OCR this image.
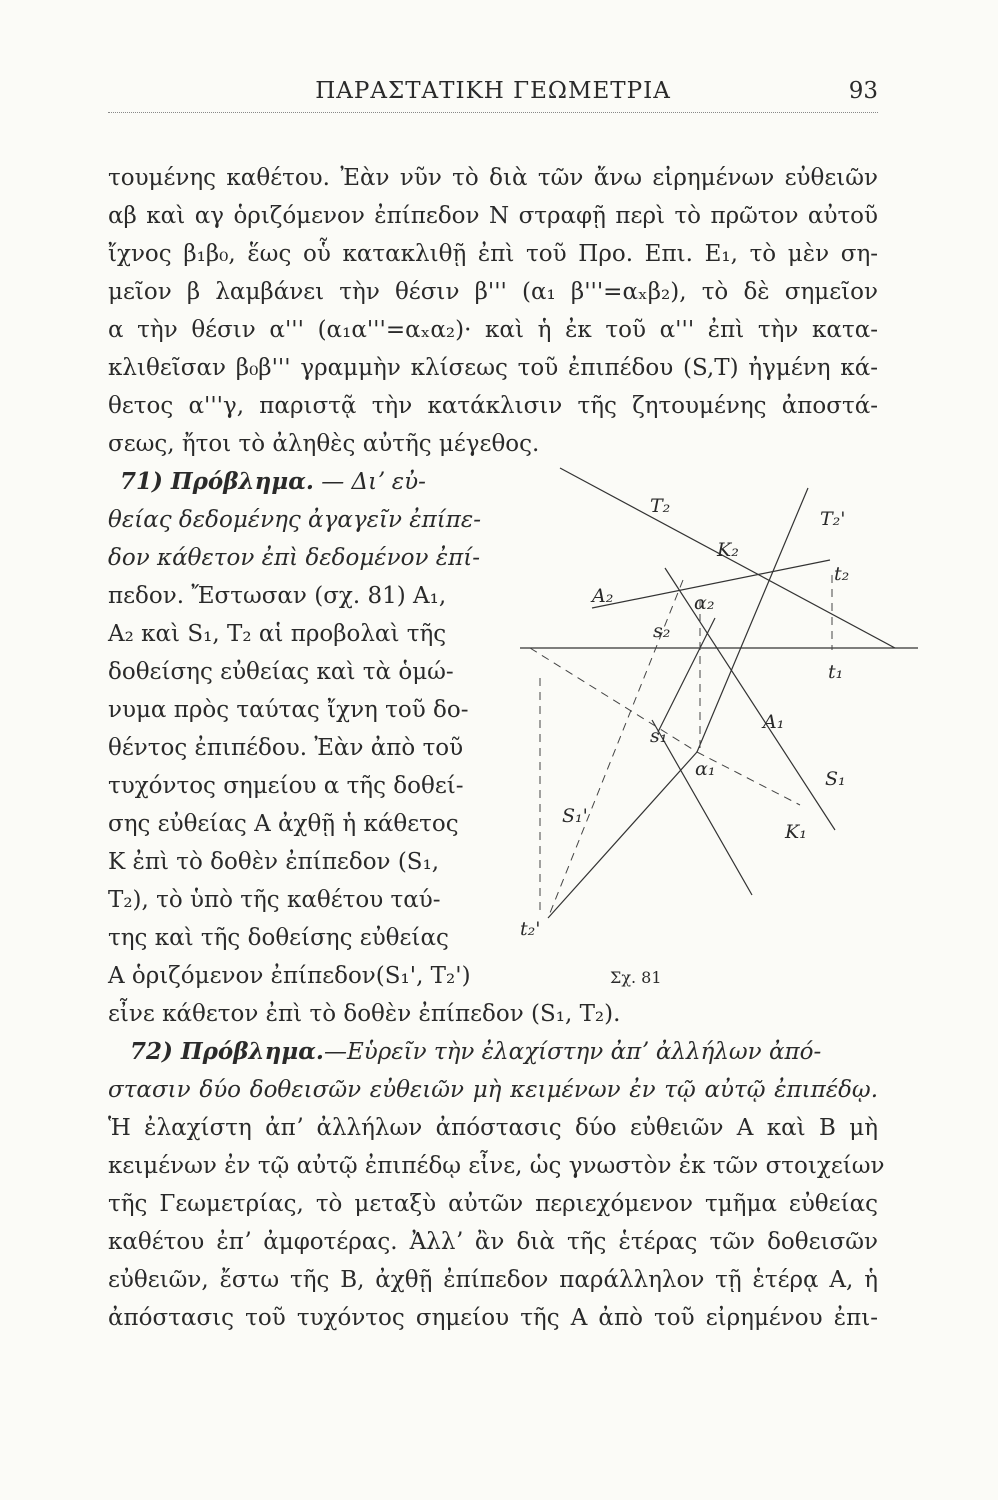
ΠΑΡΑΣΤΑΤΙΚΗ ΓΕΩΜΕΤΡΙΑ	93
τουμένης καθέτου. Ἐὰν νῦν τὸ διὰ τῶν ἄνω εἰρημένων εὐθειῶν
αβ καὶ αγ ὁριζόμενον ἐπίπεδον N στραφῇ περὶ τὸ πρῶτον αὐτοῦ
ἴχνος β₁β₀, ἕως οὗ κατακλιθῇ ἐπὶ τοῦ Προ. Επι. E₁, τὸ μὲν ση-
μεῖον β λαμβάνει τὴν θέσιν β''' (α₁ β'''=αₓβ₂), τὸ δὲ σημεῖον
α τὴν θέσιν α''' (α₁α'''=αₓα₂)· καὶ ἡ ἐκ τοῦ α''' ἐπὶ τὴν κατα-
κλιθεῖσαν β₀β''' γραμμὴν κλίσεως τοῦ ἐπιπέδου (S,T) ἠγμένη κά-
θετος α'''γ, παριστᾷ τὴν κατάκλισιν τῆς ζητουμένης ἀποστά-
σεως, ἤτοι τὸ ἀληθὲς αὐτῆς μέγεθος.
71) Πρόβλημα. — Διʼ εὐ-
θείας δεδομένης ἀγαγεῖν ἐπίπε-
δον κάθετον ἐπὶ δεδομένον ἐπί-
πεδον. Ἔστωσαν (σχ. 81) A₁,
A₂ καὶ S₁, T₂ αἱ προβολαὶ τῆς
δοθείσης εὐθείας καὶ τὰ ὁμώ-
νυμα πρὸς ταύτας ἴχνη τοῦ δο-
θέντος ἐπιπέδου. Ἐὰν ἀπὸ τοῦ
τυχόντος σημείου α τῆς δοθεί-
σης εὐθείας A ἀχθῇ ἡ κάθετος
K ἐπὶ τὸ δοθὲν ἐπίπεδον (S₁,
T₂), τὸ ὑπὸ τῆς καθέτου ταύ-
της καὶ τῆς δοθείσης εὐθείας
A ὁριζόμενον ἐπίπεδον(S₁', T₂')
εἶνε κάθετον ἐπὶ τὸ δοθὲν ἐπίπεδον (S₁, T₂).
72) Πρόβλημα.—Εὑρεῖν τὴν ἐλαχίστην ἀπʼ ἀλλήλων ἀπό-
στασιν δύο δοθεισῶν εὐθειῶν μὴ κειμένων ἐν τῷ αὐτῷ ἐπιπέδῳ.
Ἡ ἐλαχίστη ἀπʼ ἀλλήλων ἀπόστασις δύο εὐθειῶν A καὶ B μὴ
κειμένων ἐν τῷ αὐτῷ ἐπιπέδῳ εἶνε, ὡς γνωστὸν ἐκ τῶν στοιχείων
τῆς Γεωμετρίας, τὸ μεταξὺ αὐτῶν περιεχόμενον τμῆμα εὐθείας
καθέτου ἐπʼ ἀμφοτέρας. Ἀλλʼ ἂν διὰ τῆς ἑτέρας τῶν δοθεισῶν
εὐθειῶν, ἔστω τῆς B, ἀχθῇ ἐπίπεδον παράλληλον τῇ ἑτέρᾳ A, ἡ
ἀπόστασις τοῦ τυχόντος σημείου τῆς A ἀπὸ τοῦ εἰρημένου ἐπι-
T₂
T₂'
K₂
t₂
A₂	α₂
s₂
t₁
A₁
s₁
α₁	S₁
S₁'
K₁
t₂'
Σχ. 81
